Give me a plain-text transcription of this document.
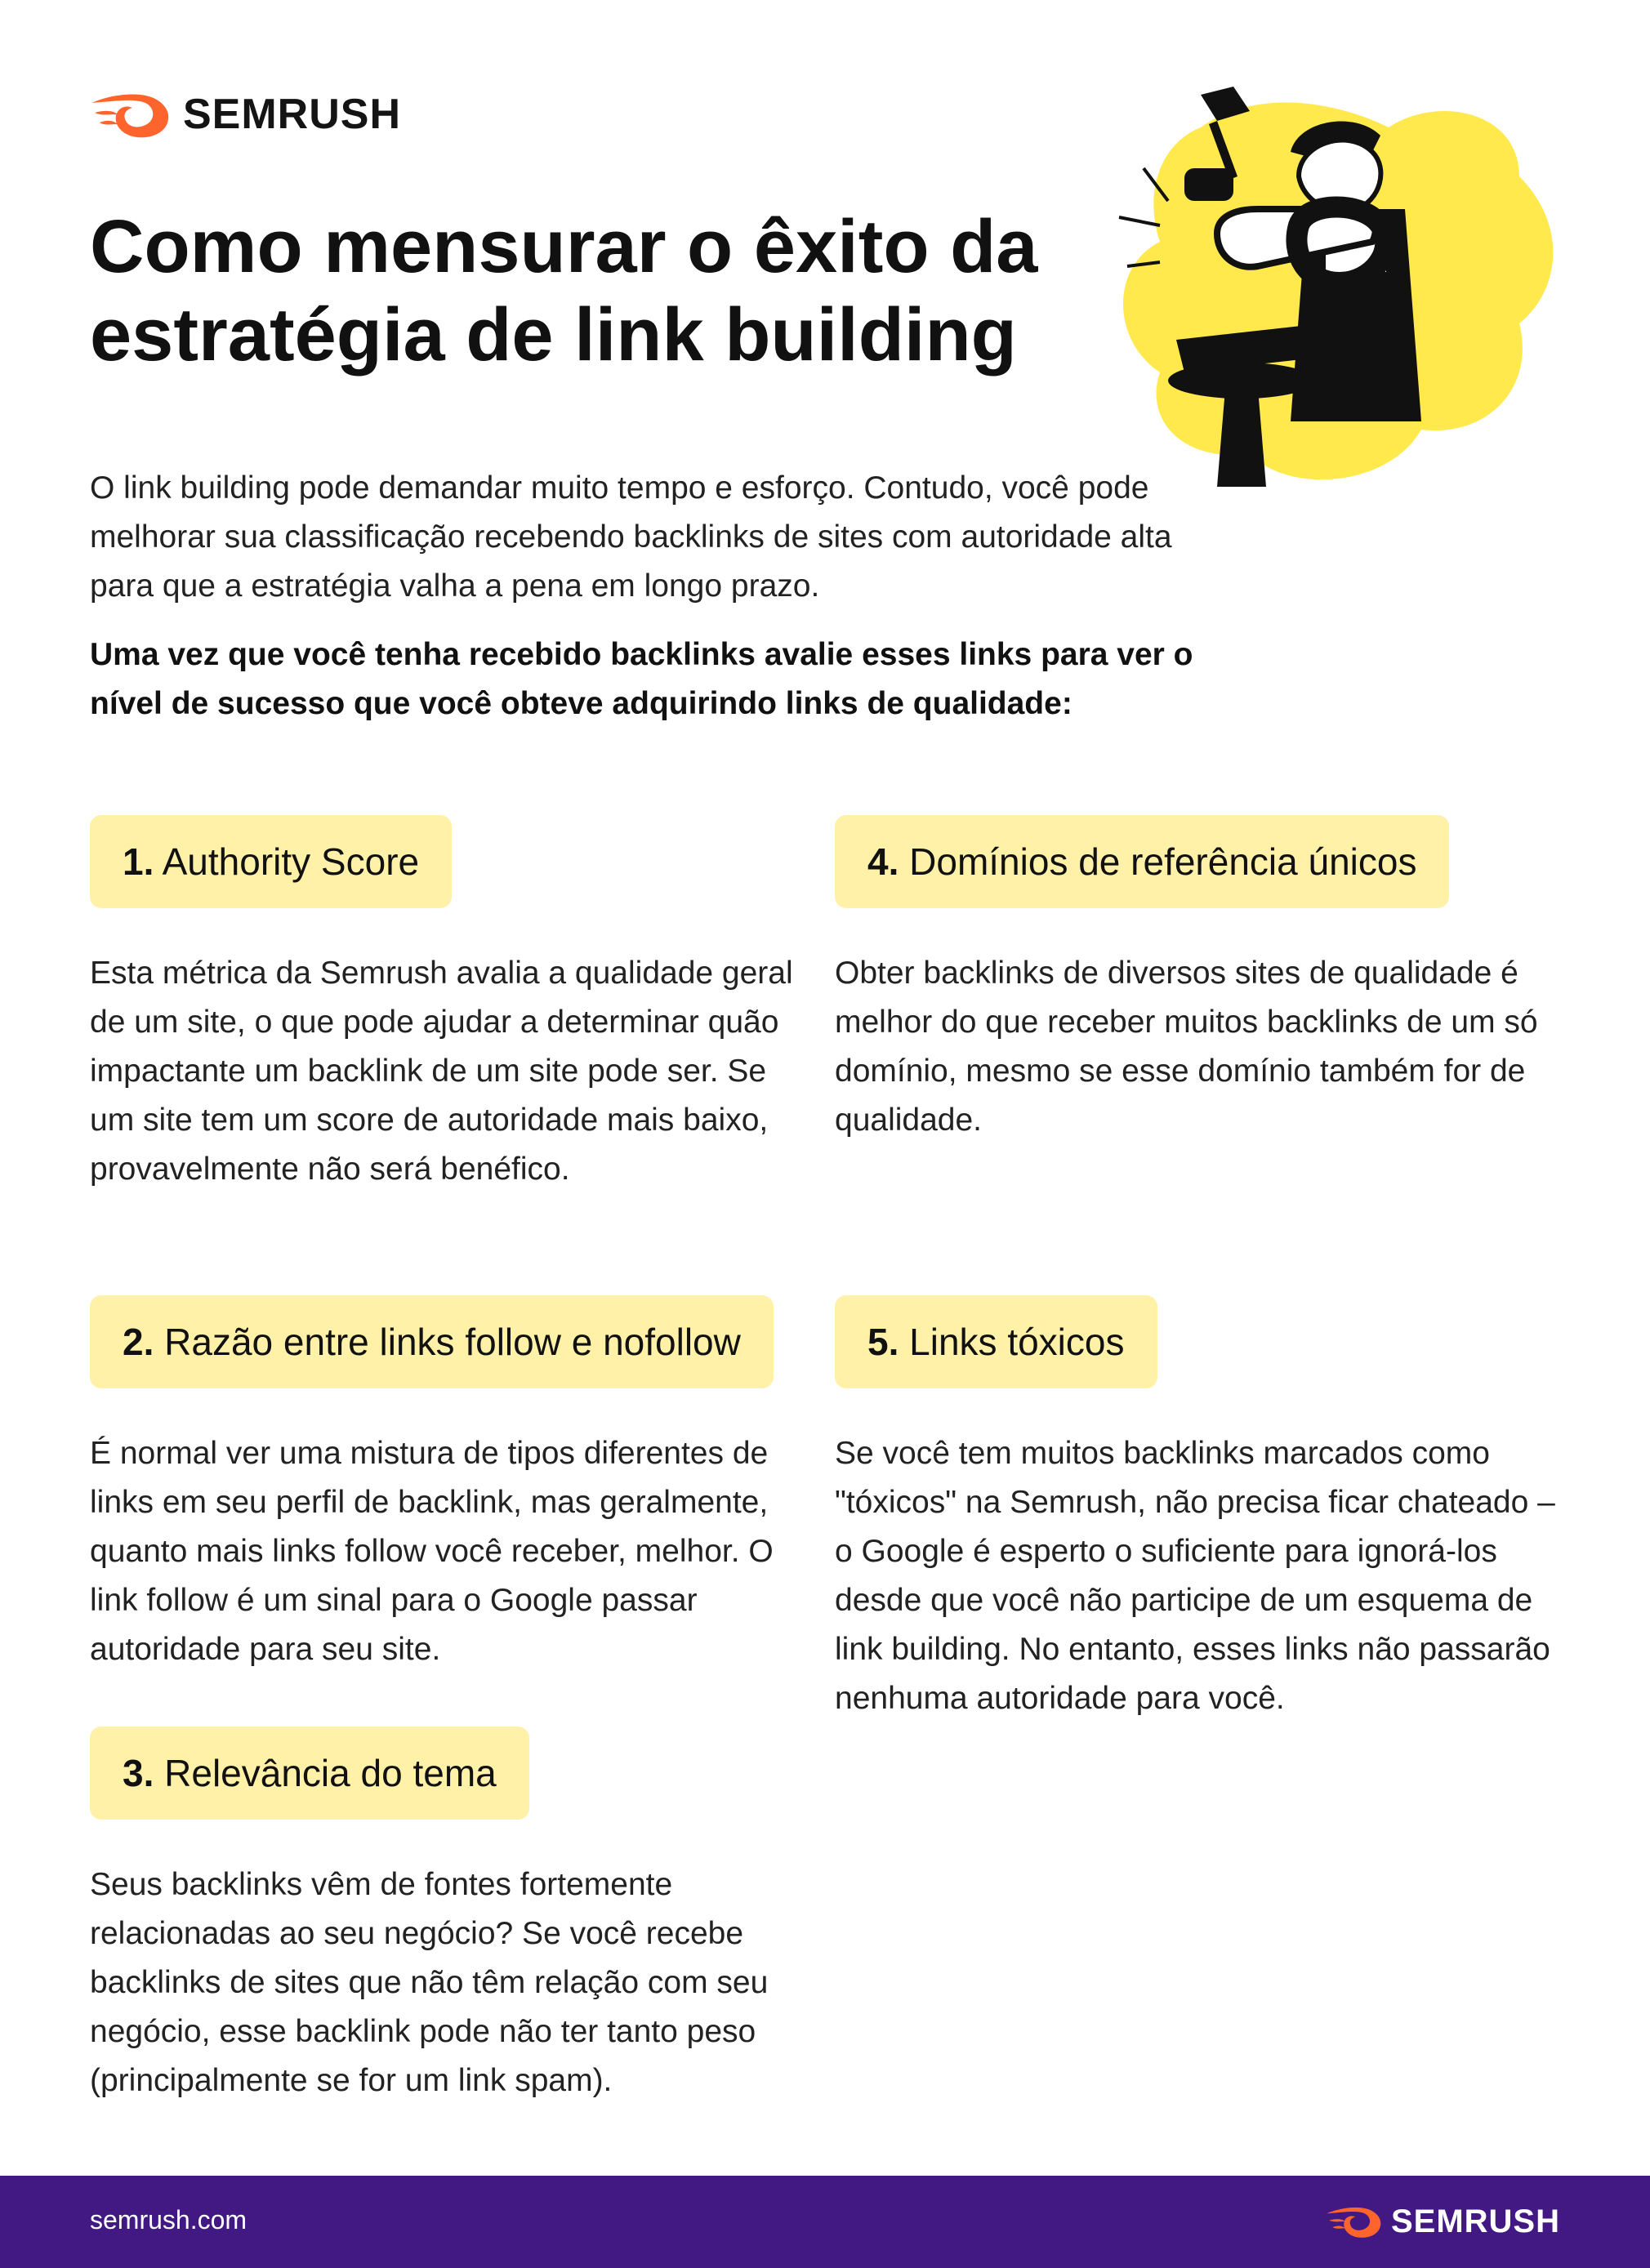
SEMRUSH
Como mensurar o êxito da estratégia de link building

O link building pode demandar muito tempo e esforço. Contudo, você pode melhorar sua classificação recebendo backlinks de sites com autoridade alta para que a estratégia valha a pena em longo prazo.

Uma vez que você tenha recebido backlinks avalie esses links para ver o nível de sucesso que você obteve adquirindo links de qualidade:

1. Authority Score

Esta métrica da Semrush avalia a qualidade geral de um site, o que pode ajudar a determinar quão impactante um backlink de um site pode ser. Se um site tem um score de autoridade mais baixo, provavelmente não será benéfico.

2. Razão entre links follow e nofollow

É normal ver uma mistura de tipos diferentes de links em seu perfil de backlink, mas geralmente, quanto mais links follow você receber, melhor. O link follow é um sinal para o Google passar autoridade para seu site.

3. Relevância do tema

Seus backlinks vêm de fontes fortemente relacionadas ao seu negócio? Se você recebe backlinks de sites que não têm relação com seu negócio, esse backlink pode não ter tanto peso (principalmente se for um link spam).

4. Domínios de referência únicos

Obter backlinks de diversos sites de qualidade é melhor do que receber muitos backlinks de um só domínio, mesmo se esse domínio também for de qualidade.

5. Links tóxicos

Se você tem muitos backlinks marcados como "tóxicos" na Semrush, não precisa ficar chateado – o Google é esperto o suficiente para ignorá-los desde que você não participe de um esquema de link building. No entanto, esses links não passarão nenhuma autoridade para você.

semrush.com	SEMRUSH
